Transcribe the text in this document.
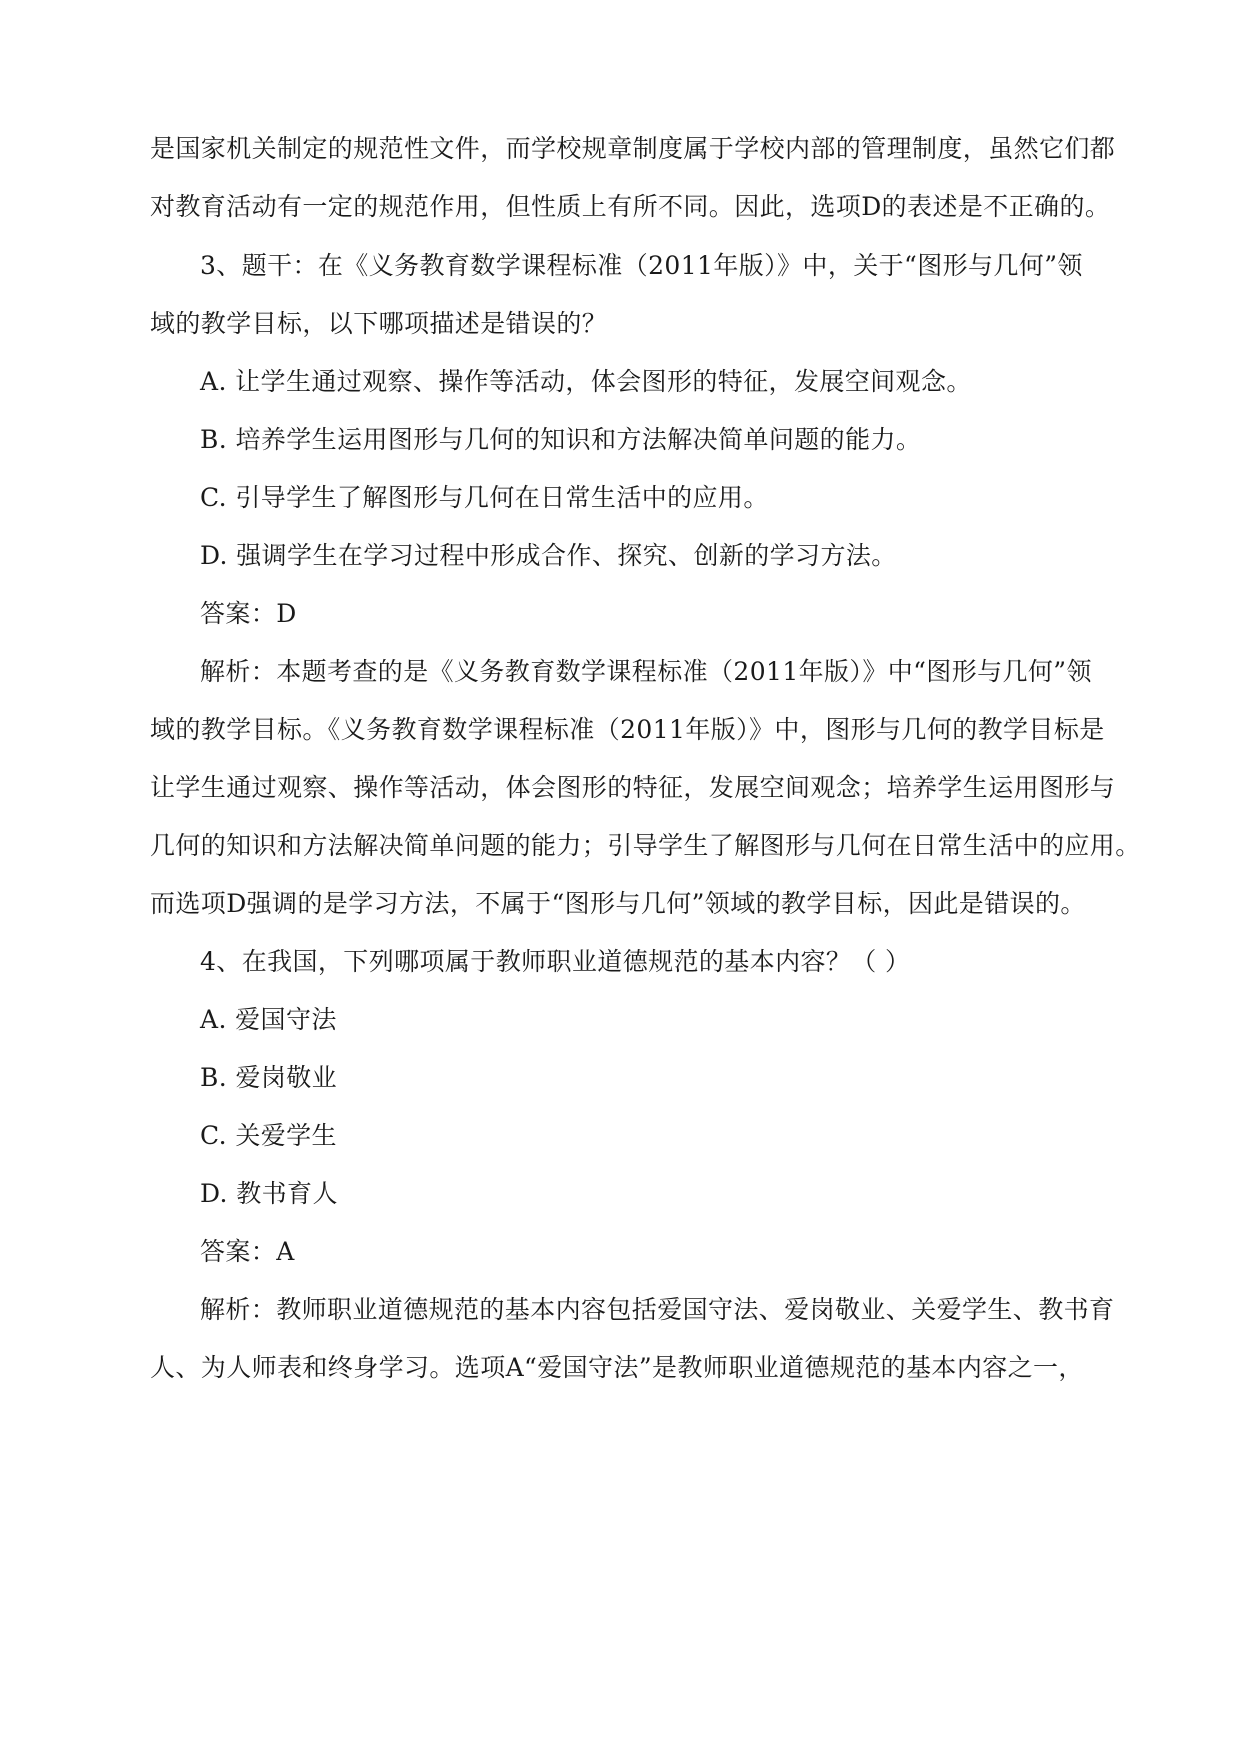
是国家机关制定的规范性文件，而学校规章制度属于学校内部的管理制度，虽然它们都
对教育活动有一定的规范作用，但性质上有所不同。因此，选项D的表述是不正确的。
3、题干：在《义务教育数学课程标准（2011年版）》中，关于“图形与几何”领
域的教学目标，以下哪项描述是错误的？
A. 让学生通过观察、操作等活动，体会图形的特征，发展空间观念。
B. 培养学生运用图形与几何的知识和方法解决简单问题的能力。
C. 引导学生了解图形与几何在日常生活中的应用。
D. 强调学生在学习过程中形成合作、探究、创新的学习方法。
答案：D
解析：本题考查的是《义务教育数学课程标准（2011年版）》中“图形与几何”领
域的教学目标。《义务教育数学课程标准（2011年版）》中，图形与几何的教学目标是
让学生通过观察、操作等活动，体会图形的特征，发展空间观念；培养学生运用图形与
几何的知识和方法解决简单问题的能力；引导学生了解图形与几何在日常生活中的应用。
而选项D强调的是学习方法，不属于“图形与几何”领域的教学目标，因此是错误的。
4、在我国，下列哪项属于教师职业道德规范的基本内容？（ ）
A. 爱国守法
B. 爱岗敬业
C. 关爱学生
D. 教书育人
答案：A
解析：教师职业道德规范的基本内容包括爱国守法、爱岗敬业、关爱学生、教书育
人、为人师表和终身学习。选项A“爱国守法”是教师职业道德规范的基本内容之一，
